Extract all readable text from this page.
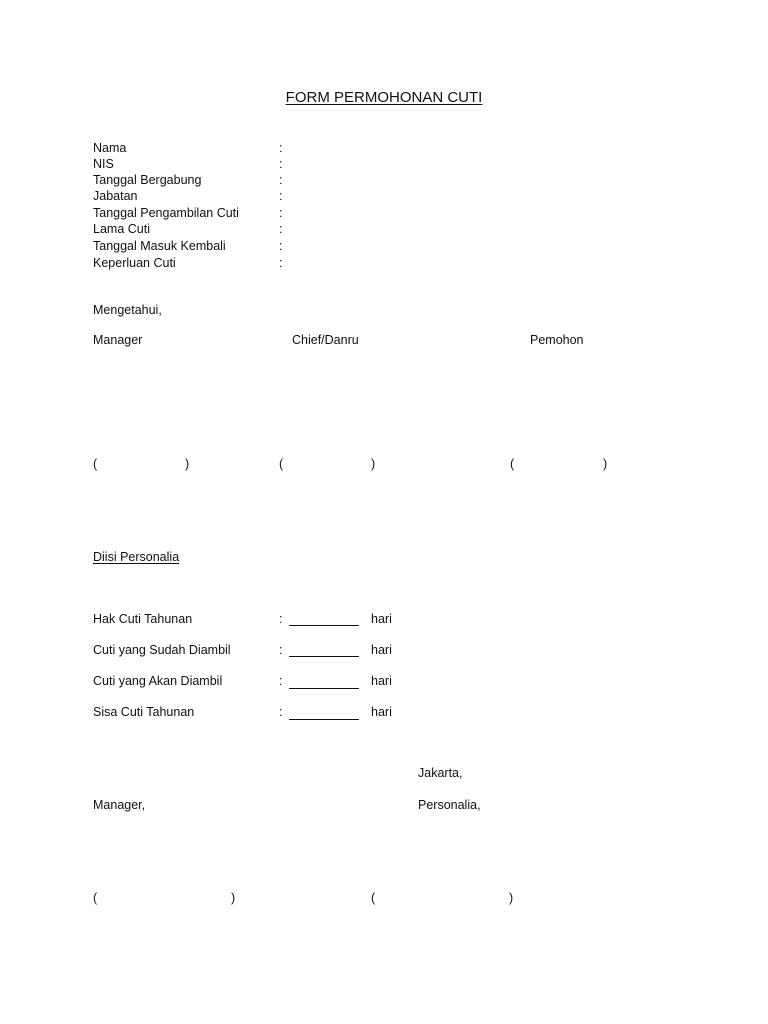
FORM PERMOHONAN CUTI
Nama	:
NIS	:
Tanggal Bergabung	:
Jabatan	:
Tanggal Pengambilan Cuti	:
Lama Cuti	:
Tanggal Masuk Kembali	:
Keperluan Cuti	:
Mengetahui,
Manager	Chief/Danru	Pemohon
(	)	(	)	(	)
Diisi Personalia
Hak Cuti Tahunan	:	hari
Cuti yang Sudah Diambil	:	hari
Cuti yang Akan Diambil	:	hari
Sisa Cuti Tahunan	:	hari
Jakarta,
Manager,	Personalia,
(	)	(	)
